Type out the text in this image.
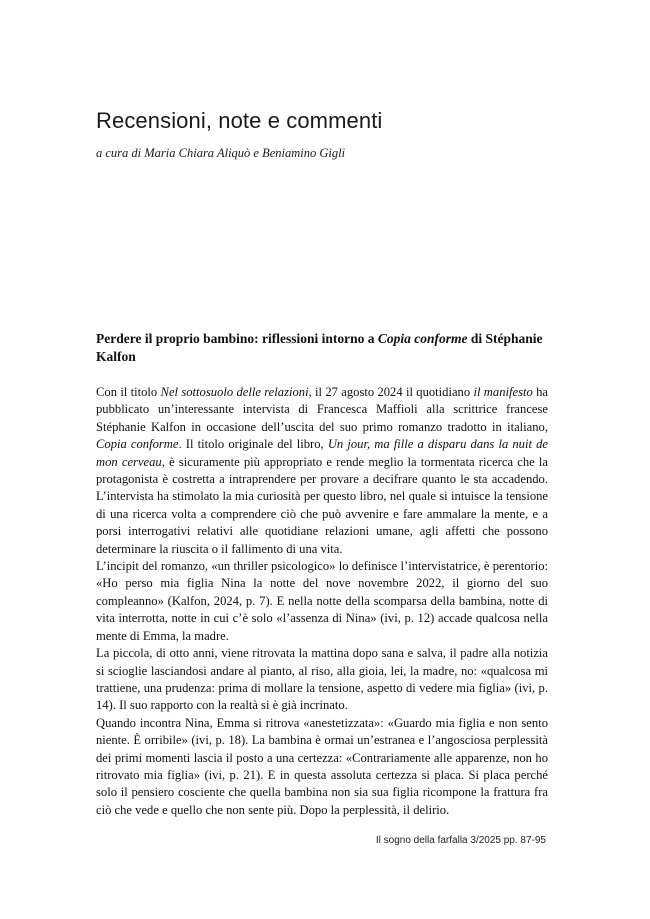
Recensioni, note e commenti

a cura di Maria Chiara Aliquò e Beniamino Gigli

Perdere il proprio bambino: riflessioni intorno a Copia conforme di Stéphanie Kalfon

Con il titolo Nel sottosuolo delle relazioni, il 27 agosto 2024 il quotidiano il manifesto ha pubblicato un’interessante intervista di Francesca Maffioli alla scrittrice francese Stéphanie Kalfon in occasione dell’uscita del suo primo romanzo tradotto in italiano, Copia conforme. Il titolo originale del libro, Un jour, ma fille a disparu dans la nuit de mon cerveau, è sicuramente più appropriato e rende meglio la tormentata ricerca che la protagonista è costretta a intraprendere per provare a decifrare quanto le sta accadendo. L’intervista ha stimolato la mia curiosità per questo libro, nel quale si intuisce la tensione di una ricerca volta a comprendere ciò che può avvenire e fare ammalare la mente, e a porsi interrogativi relativi alle quotidiane relazioni umane, agli affetti che possono determinare la riuscita o il fallimento di una vita.

L’incipit del romanzo, «un thriller psicologico» lo definisce l’intervistatrice, è perentorio: «Ho perso mia figlia Nina la notte del nove novembre 2022, il giorno del suo compleanno» (Kalfon, 2024, p. 7). E nella notte della scomparsa della bambina, notte di vita interrotta, notte in cui c’è solo «l’assenza di Nina» (ivi, p. 12) accade qualcosa nella mente di Emma, la madre.

La piccola, di otto anni, viene ritrovata la mattina dopo sana e salva, il padre alla notizia si scioglie lasciandosi andare al pianto, al riso, alla gioia, lei, la madre, no: «qualcosa mi trattiene, una prudenza: prima di mollare la tensione, aspetto di vedere mia figlia» (ivi, p. 14). Il suo rapporto con la realtà si è già incrinato.

Quando incontra Nina, Emma si ritrova «anestetizzata»: «Guardo mia figlia e non sento niente. È orribile» (ivi, p. 18). La bambina è ormai un’estranea e l’angosciosa perplessità dei primi momenti lascia il posto a una certezza: «Contrariamente alle apparenze, non ho ritrovato mia figlia» (ivi, p. 21). E in questa assoluta certezza si placa. Si placa perché solo il pensiero cosciente che quella bambina non sia sua figlia ricompone la frattura fra ciò che vede e quello che non sente più. Dopo la perplessità, il delirio.

Il sogno della farfalla 3/2025 pp. 87-95
